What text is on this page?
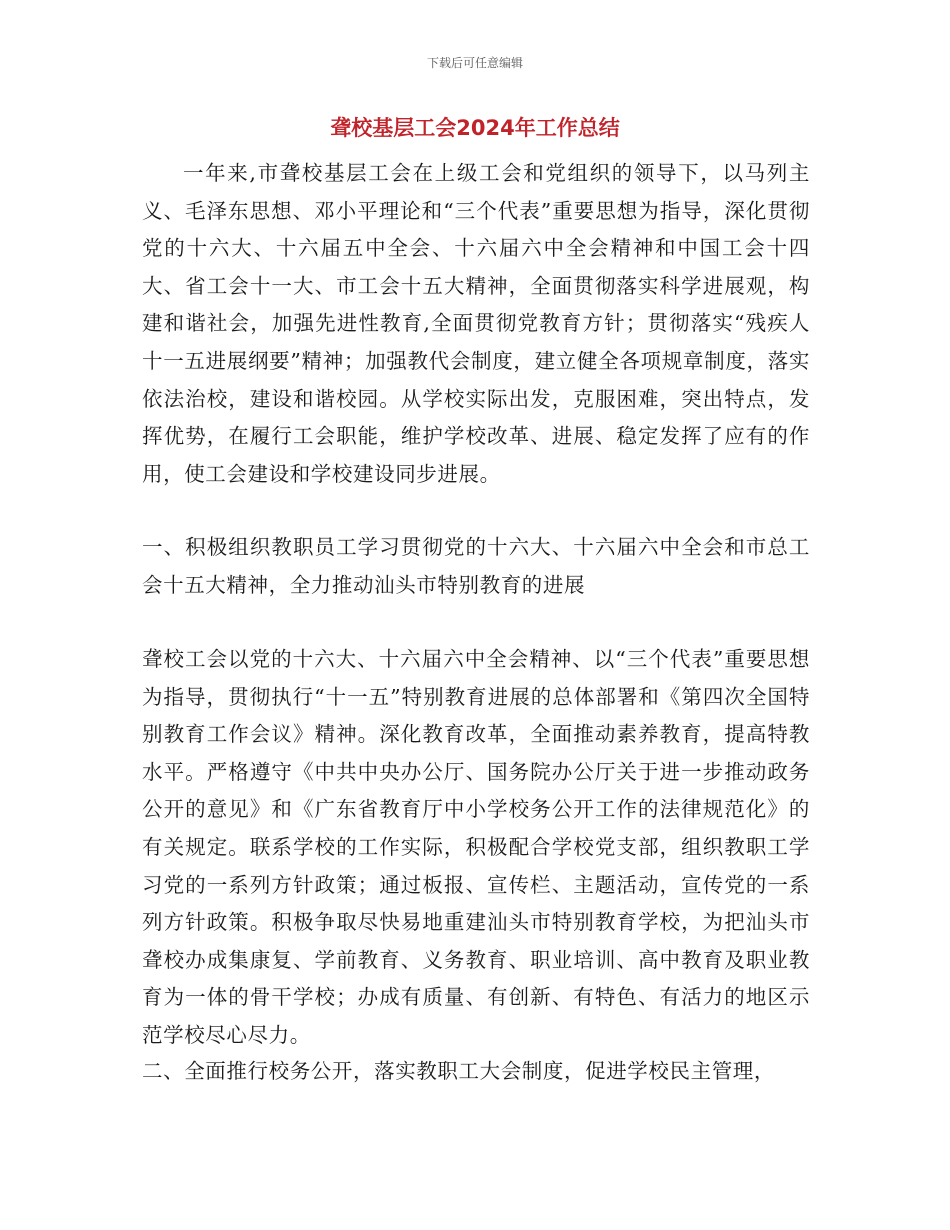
下载后可任意编辑
聋校基层工会2024年工作总结

一年来,市聋校基层工会在上级工会和党组织的领导下，以马列主义、毛泽东思想、邓小平理论和“三个代表”重要思想为指导，深化贯彻党的十六大、十六届五中全会、十六届六中全会精神和中国工会十四大、省工会十一大、市工会十五大精神，全面贯彻落实科学进展观，构建和谐社会，加强先进性教育,全面贯彻党教育方针；贯彻落实“残疾人十一五进展纲要”精神；加强教代会制度，建立健全各项规章制度，落实依法治校，建设和谐校园。从学校实际出发，克服困难，突出特点，发挥优势，在履行工会职能，维护学校改革、进展、稳定发挥了应有的作用，使工会建设和学校建设同步进展。

一、积极组织教职员工学习贯彻党的十六大、十六届六中全会和市总工会十五大精神，全力推动汕头市特别教育的进展

聋校工会以党的十六大、十六届六中全会精神、以“三个代表”重要思想为指导，贯彻执行“十一五”特别教育进展的总体部署和《第四次全国特别教育工作会议》精神。深化教育改革，全面推动素养教育，提高特教水平。严格遵守《中共中央办公厅、国务院办公厅关于进一步推动政务公开的意见》和《广东省教育厅中小学校务公开工作的法律规范化》的有关规定。联系学校的工作实际，积极配合学校党支部，组织教职工学习党的一系列方针政策；通过板报、宣传栏、主题活动，宣传党的一系列方针政策。积极争取尽快易地重建汕头市特别教育学校，为把汕头市聋校办成集康复、学前教育、义务教育、职业培训、高中教育及职业教育为一体的骨干学校；办成有质量、有创新、有特色、有活力的地区示范学校尽心尽力。

二、全面推行校务公开，落实教职工大会制度，促进学校民主管理，
